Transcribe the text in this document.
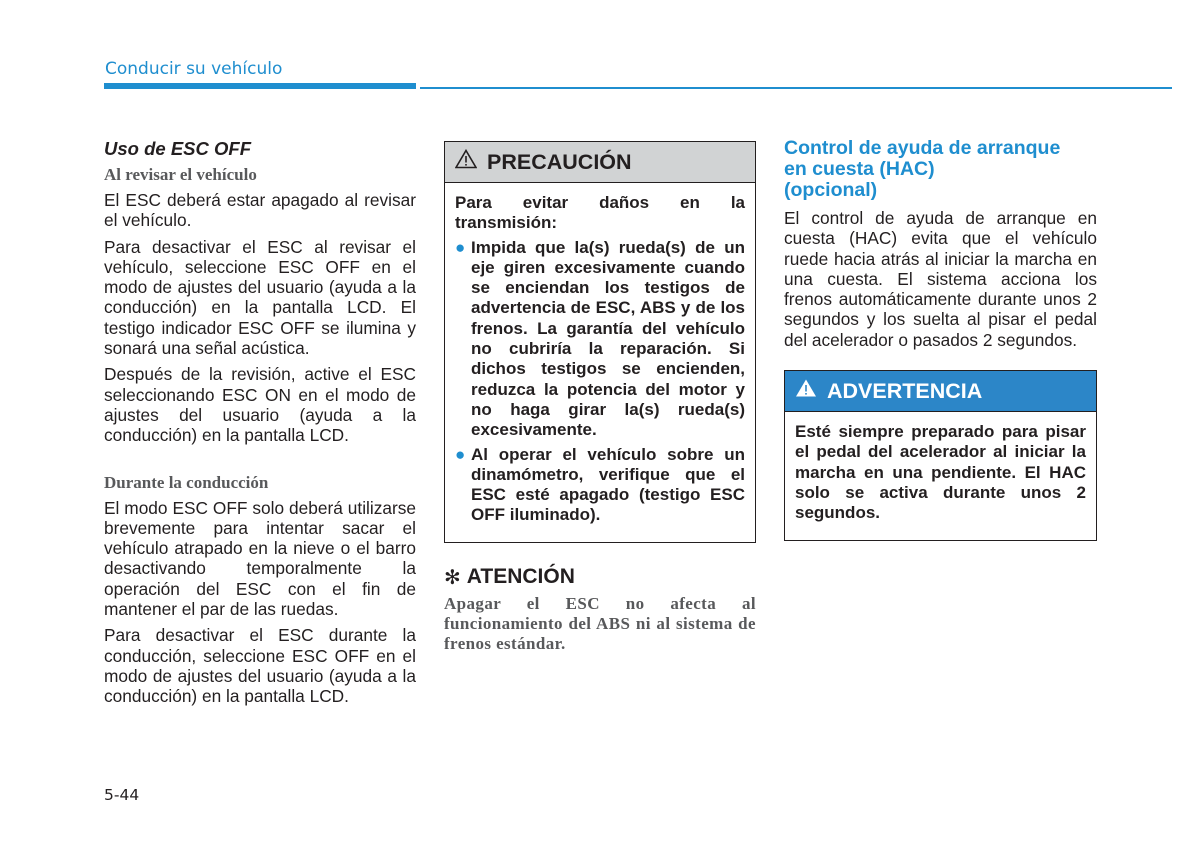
Conducir su vehículo
Uso de ESC OFF
Al revisar el vehículo

El ESC deberá estar apagado al revisar el vehículo.

Para desactivar el ESC al revisar el vehículo, seleccione ESC OFF en el modo de ajustes del usuario (ayuda a la conducción) en la pantalla LCD. El testigo indicador ESC OFF se ilumina y sonará una señal acústica.

Después de la revisión, active el ESC seleccionando ESC ON en el modo de ajustes del usuario (ayuda a la conducción) en la pantalla LCD.

Durante la conducción

El modo ESC OFF solo deberá utilizarse brevemente para intentar sacar el vehículo atrapado en la nieve o el barro desactivando temporalmente la operación del ESC con el fin de mantener el par de las ruedas.

Para desactivar el ESC durante la conducción, seleccione ESC OFF en el modo de ajustes del usuario (ayuda a la conducción) en la pantalla LCD.

PRECAUCIÓN

Para evitar daños en la transmisión:

● Impida que la(s) rueda(s) de un eje giren excesivamente cuando se enciendan los testigos de advertencia de ESC, ABS y de los frenos. La garantía del vehículo no cubriría la reparación. Si dichos testigos se encienden, reduzca la potencia del motor y no haga girar la(s) rueda(s) excesivamente.
● Al operar el vehículo sobre un dinamómetro, verifique que el ESC esté apagado (testigo ESC OFF iluminado).
✻ ATENCIÓN
Apagar el ESC no afecta al funcionamiento del ABS ni al sistema de frenos estándar.
Control de ayuda de arranque
en cuesta (HAC)
(opcional)

El control de ayuda de arranque en cuesta (HAC) evita que el vehículo ruede hacia atrás al iniciar la marcha en una cuesta. El sistema acciona los frenos automáticamente durante unos 2 segundos y los suelta al pisar el pedal del acelerador o pasados 2 segundos.

ADVERTENCIA

Esté siempre preparado para pisar el pedal del acelerador al iniciar la marcha en una pendiente. El HAC solo se activa durante unos 2 segundos.

5-44
